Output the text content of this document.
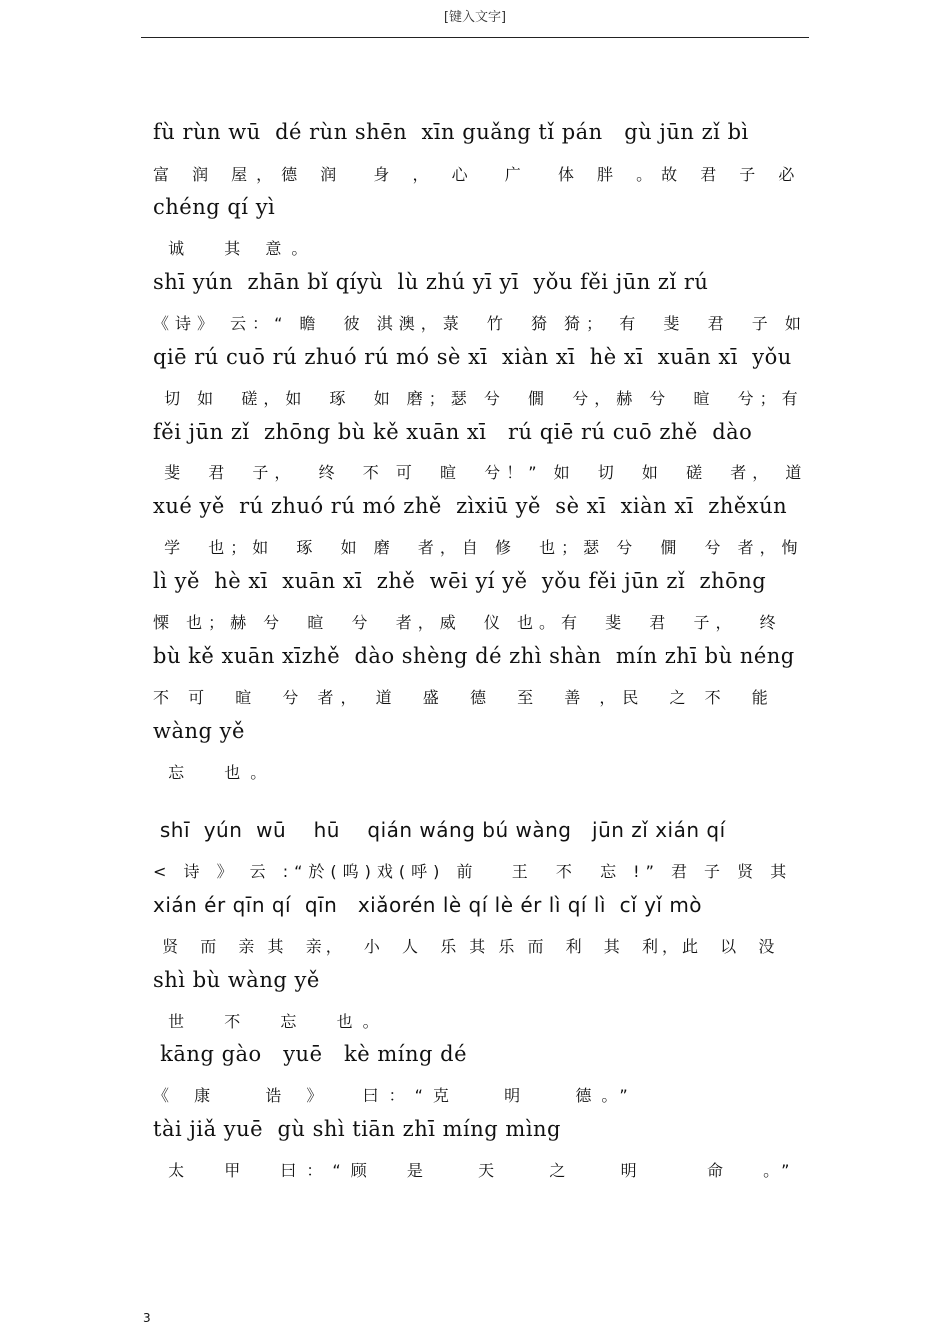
[键入文字]
fù rùn wū  dé rùn shēn  xīn guǎng tǐ pán   gù jūn zǐ bì
富 润 屋，德 润  身 ， 心  广  体 胖 。故 君 子 必
chéng qí yì
诚  其 意。
shī yún  zhān bǐ qíyù  lù zhú yī yī  yǒu fěi jūn zǐ rú
《诗》 云：“ 瞻  彼 淇澳，菉  竹  猗 猗； 有  斐  君  子 如
qiē rú cuō rú zhuó rú mó sè xī  xiàn xī  hè xī  xuān xī  yǒu
切 如  磋，如  琢  如 磨；瑟 兮  僩  兮，赫 兮  暄  兮；有
fěi jūn zǐ  zhōng bù kě xuān xī   rú qiē rú cuō zhě  dào
斐  君  子，  终  不 可  暄  兮！” 如  切  如  磋  者， 道
xué yě  rú zhuó rú mó zhě  zìxiū yě  sè xī  xiàn xī  zhěxún
学  也；如  琢  如 磨  者，自 修  也；瑟 兮  僩  兮 者，恂
lì yě  hè xī  xuān xī  zhě  wēi yí yě  yǒu fěi jūn zǐ  zhōng
慄 也；赫 兮  暄  兮  者，威  仪 也。有  斐  君  子，  终
bù kě xuān xīzhě  dào shèng dé zhì shàn  mín zhī bù néng
不 可  暄  兮 者， 道  盛  德  至  善 ，民  之 不  能
wàng yě
忘  也。
shī  yún  wū    hū    qián wáng bú wàng   jūn zǐ xián qí
< 诗 》 云 :“於(呜)戏(呼) 前   王  不  忘 !” 君 子 贤 其
xián ér qīn qí  qīn   xiǎorén lè qí lè ér lì qí lì  cǐ yǐ mò
贤  而  亲 其  亲，  小  人  乐 其 乐 而  利  其  利，此  以  没
shì bù wàng yě
世  不  忘  也。
kāng gào   yuē   kè míng dé
《 康   诰 》  曰：“克   明   德。”
tài jiǎ yuē  gù shì tiān zhī míng mìng
太  甲  曰：“顾  是   天   之   明    命  。”
3
